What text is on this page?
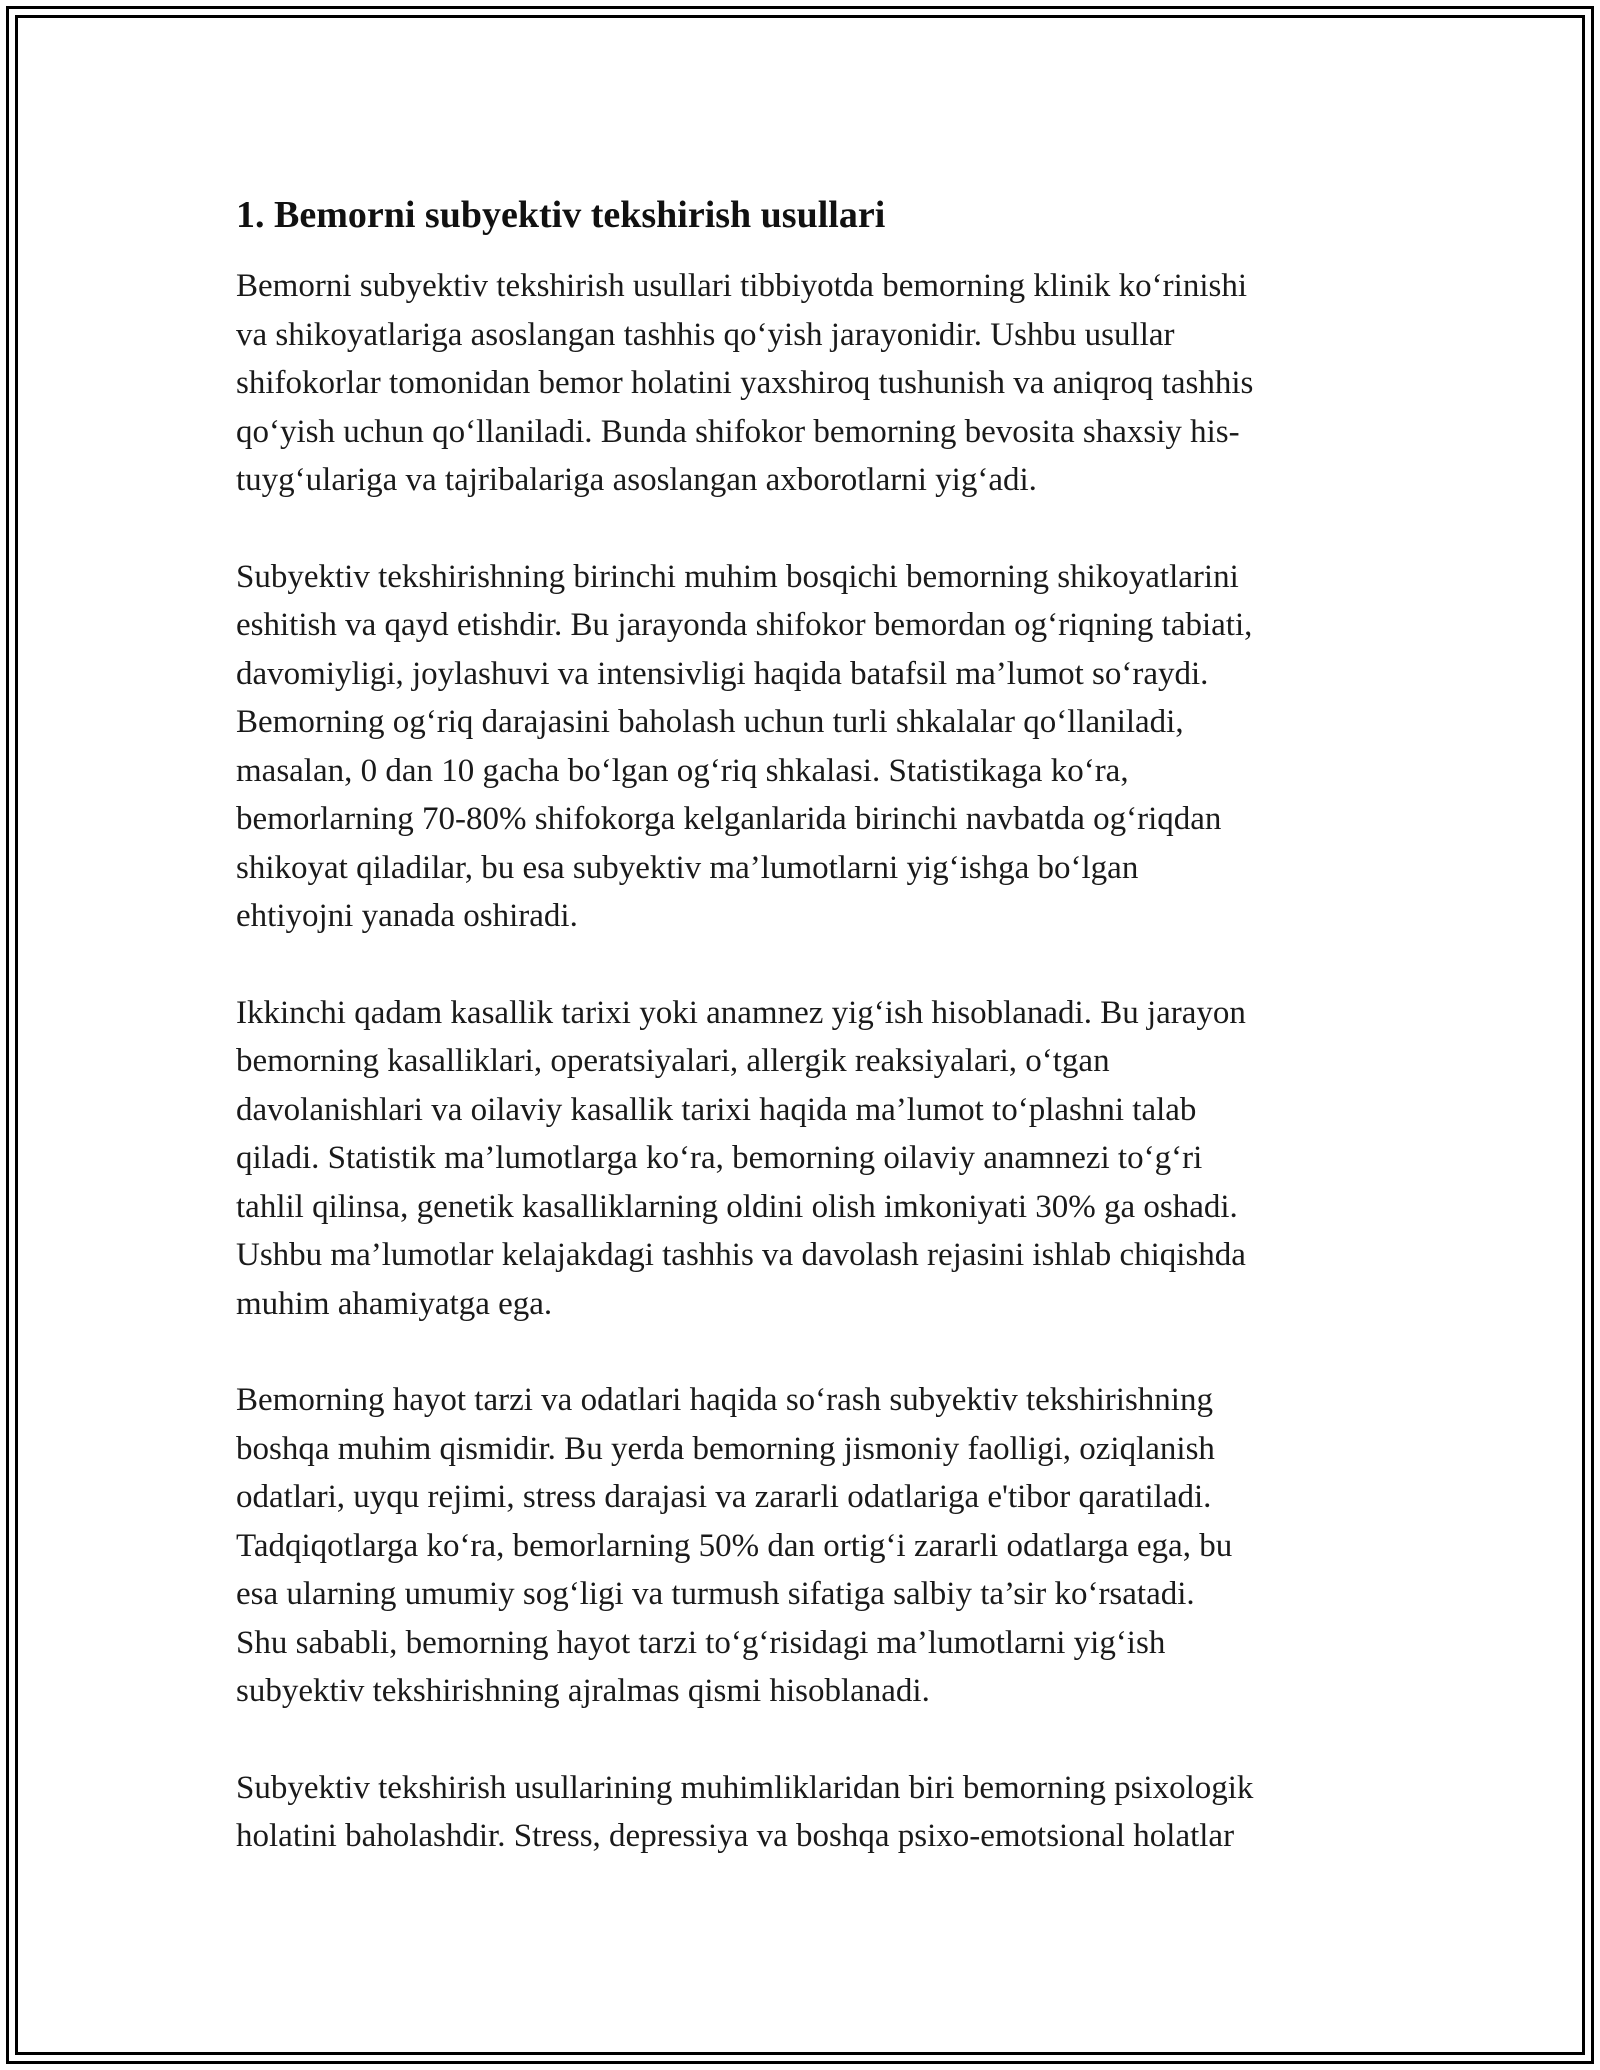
1. Bemorni subyektiv tekshirish usullari

Bemorni subyektiv tekshirish usullari tibbiyotda bemorning klinik ko‘rinishi
va shikoyatlariga asoslangan tashhis qo‘yish jarayonidir. Ushbu usullar
shifokorlar tomonidan bemor holatini yaxshiroq tushunish va aniqroq tashhis
qo‘yish uchun qo‘llaniladi. Bunda shifokor bemorning bevosita shaxsiy his-
tuyg‘ulariga va tajribalariga asoslangan axborotlarni yig‘adi.

Subyektiv tekshirishning birinchi muhim bosqichi bemorning shikoyatlarini
eshitish va qayd etishdir. Bu jarayonda shifokor bemordan og‘riqning tabiati,
davomiyligi, joylashuvi va intensivligi haqida batafsil ma’lumot so‘raydi.
Bemorning og‘riq darajasini baholash uchun turli shkalalar qo‘llaniladi,
masalan, 0 dan 10 gacha bo‘lgan og‘riq shkalasi. Statistikaga ko‘ra,
bemorlarning 70-80% shifokorga kelganlarida birinchi navbatda og‘riqdan
shikoyat qiladilar, bu esa subyektiv ma’lumotlarni yig‘ishga bo‘lgan
ehtiyojni yanada oshiradi.

Ikkinchi qadam kasallik tarixi yoki anamnez yig‘ish hisoblanadi. Bu jarayon
bemorning kasalliklari, operatsiyalari, allergik reaksiyalari, o‘tgan
davolanishlari va oilaviy kasallik tarixi haqida ma’lumot to‘plashni talab
qiladi. Statistik ma’lumotlarga ko‘ra, bemorning oilaviy anamnezi to‘g‘ri
tahlil qilinsa, genetik kasalliklarning oldini olish imkoniyati 30% ga oshadi.
Ushbu ma’lumotlar kelajakdagi tashhis va davolash rejasini ishlab chiqishda
muhim ahamiyatga ega.

Bemorning hayot tarzi va odatlari haqida so‘rash subyektiv tekshirishning
boshqa muhim qismidir. Bu yerda bemorning jismoniy faolligi, oziqlanish
odatlari, uyqu rejimi, stress darajasi va zararli odatlariga e'tibor qaratiladi.
Tadqiqotlarga ko‘ra, bemorlarning 50% dan ortig‘i zararli odatlarga ega, bu
esa ularning umumiy sog‘ligi va turmush sifatiga salbiy ta’sir ko‘rsatadi.
Shu sababli, bemorning hayot tarzi to‘g‘risidagi ma’lumotlarni yig‘ish
subyektiv tekshirishning ajralmas qismi hisoblanadi.

Subyektiv tekshirish usullarining muhimliklaridan biri bemorning psixologik
holatini baholashdir. Stress, depressiya va boshqa psixo-emotsional holatlar
